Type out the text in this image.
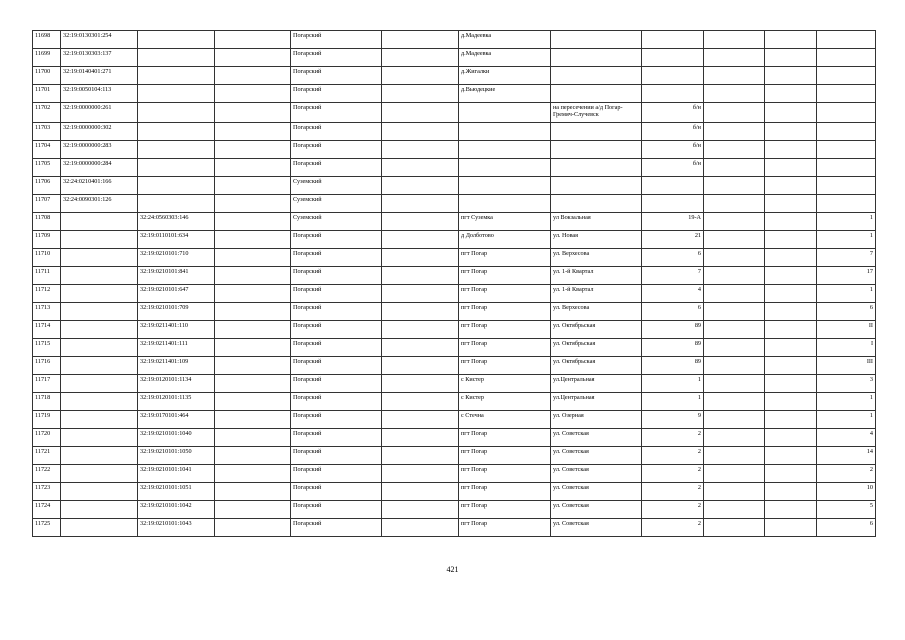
11698	32:19:0130301:254			Погарский		д.Мадеевка					
11699	32:19:0130303:137			Погарский		д.Мадеевка					
11700	32:19:0140401:271			Погарский		д.Жигалки					
11701	32:19:0050104:113			Погарский		д.Вьюдецкие					
11702	32:19:0000000:261			Погарский			на пересечении а/д Погар-Гремяч-Случевск	б/н			
11703	32:19:0000000:302			Погарский				б/н			
11704	32:19:0000000:283			Погарский				б/н			
11705	32:19:0000000:284			Погарский				б/н			
11706	32:24:0210401:166			Суземский							
11707	32:24:0090301:126			Суземский							
11708		32:24:0560303:146		Суземский		пгт Суземка	ул Вокзальная	19-А			1
11709		32:19:0110101:634		Погарский		д Долботово	ул. Новая	21			1
11710		32:19:0210101:710		Погарский		пгт Погар	ул. Верхесова	6			7
11711		32:19:0210101:841		Погарский		пгт Погар	ул. 1-й Квартал	7			17
11712		32:19:0210101:647		Погарский		пгт Погар	ул. 1-й Квартал	4			1
11713		32:19:0210101:709		Погарский		пгт Погар	ул. Верхесова	6			6
11714		32:19:0211401:110		Погарский		пгт Погар	ул. Октябрьская	89			II
11715		32:19:0211401:111		Погарский		пгт Погар	ул. Октябрьская	89			I
11716		32:19:0211401:109		Погарский		пгт Погар	ул. Октябрьская	89			III
11717		32:19:0120101:1134		Погарский		с Кистер	ул.Центральная	1			3
11718		32:19:0120101:1135		Погарский		с Кистер	ул.Центральная	1			1
11719		32:19:0170101:464		Погарский		с Стечна	ул. Озерная	9			1
11720		32:19:0210101:1040		Погарский		пгт Погар	ул. Советская	2			4
11721		32:19:0210101:1050		Погарский		пгт Погар	ул. Советская	2			14
11722		32:19:0210101:1041		Погарский		пгт Погар	ул. Советская	2			2
11723		32:19:0210101:1051		Погарский		пгт Погар	ул. Советская	2			10
11724		32:19:0210101:1042		Погарский		пгт Погар	ул. Советская	2			5
11725		32:19:0210101:1043		Погарский		пгт Погар	ул. Советская	2			6
421
